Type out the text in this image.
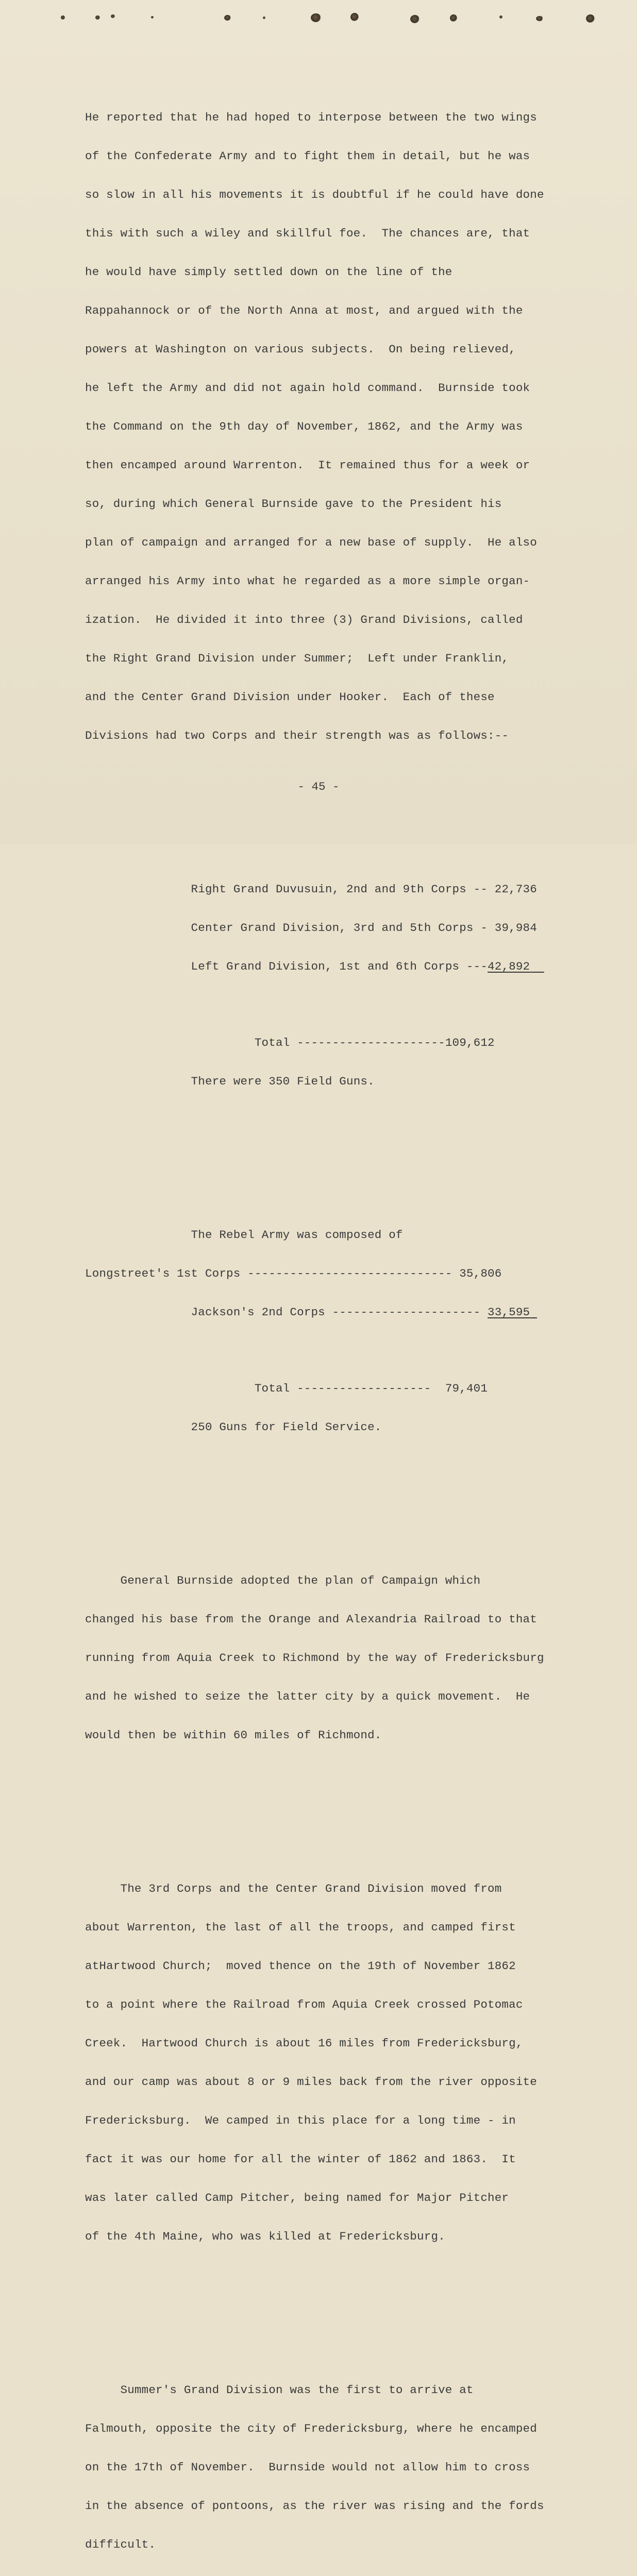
He reported that he had hoped to interpose between the two wings

of the Confederate Army and to fight them in detail, but he was

so slow in all his movements it is doubtful if he could have done

this with such a wiley and skillful foe.  The chances are, that

he would have simply settled down on the line of the

Rappahannock or of the North Anna at most, and argued with the

powers at Washington on various subjects.  On being relieved,

he left the Army and did not again hold command.  Burnside took

the Command on the 9th day of November, 1862, and the Army was

then encamped around Warrenton.  It remained thus for a week or

so, during which General Burnside gave to the President his

plan of campaign and arranged for a new base of supply.  He also

arranged his Army into what he regarded as a more simple organ-

ization.  He divided it into three (3) Grand Divisions, called

the Right Grand Division under Summer;  Left under Franklin,

and the Center Grand Division under Hooker.  Each of these

Divisions had two Corps and their strength was as follows:--

Right Grand Duvusuin, 2nd and 9th Corps -- 22,736

Center Grand Division, 3rd and 5th Corps - 39,984

Left Grand Division, 1st and 6th Corps ---42,892

Total ---------------------109,612

There were 350 Field Guns.

The Rebel Army was composed of

Longstreet's 1st Corps ----------------------------- 35,806

Jackson's 2nd Corps --------------------- 33,595

Total -------------------  79,401

250 Guns for Field Service.

General Burnside adopted the plan of Campaign which

changed his base from the Orange and Alexandria Railroad to that

running from Aquia Creek to Richmond by the way of Fredericksburg

and he wished to seize the latter city by a quick movement.  He

would then be within 60 miles of Richmond.

The 3rd Corps and the Center Grand Division moved from

about Warrenton, the last of all the troops, and camped first

atHartwood Church;  moved thence on the 19th of November 1862

to a point where the Railroad from Aquia Creek crossed Potomac

Creek.  Hartwood Church is about 16 miles from Fredericksburg,

and our camp was about 8 or 9 miles back from the river opposite

Fredericksburg.  We camped in this place for a long time - in

fact it was our home for all the winter of 1862 and 1863.  It

was later called Camp Pitcher, being named for Major Pitcher

of the 4th Maine, who was killed at Fredericksburg.

Summer's Grand Division was the first to arrive at

Falmouth, opposite the city of Fredericksburg, where he encamped

on the 17th of November.  Burnside would not allow him to cross

in the absence of pontoons, as the river was rising and the fords

difficult.

- 45 -
